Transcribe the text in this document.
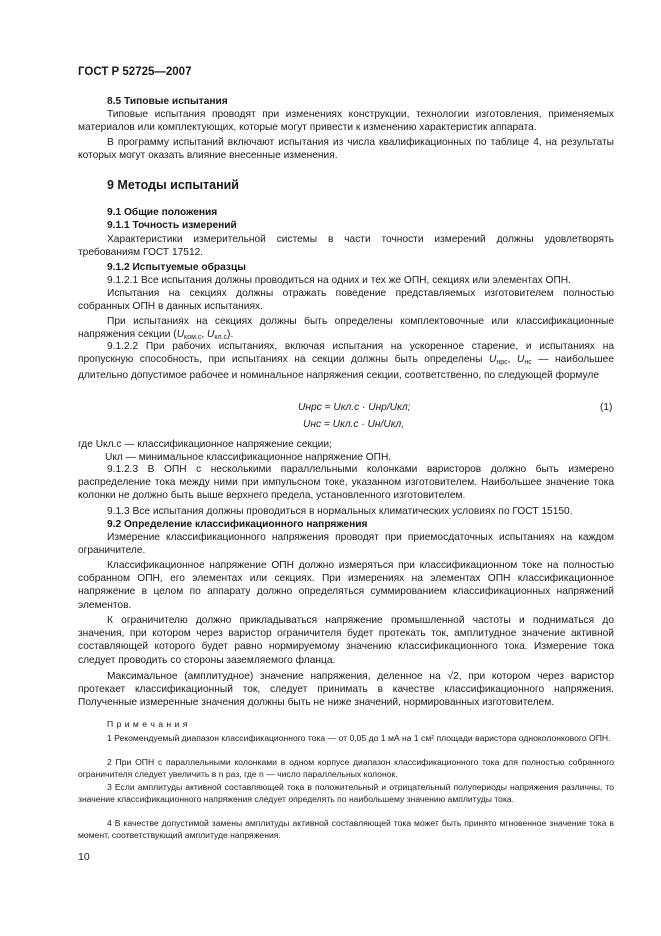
ГОСТ Р 52725—2007
8.5 Типовые испытания
Типовые испытания проводят при изменениях конструкции, технологии изготовления, применяемых материалов или комплектующих, которые могут привести к изменению характеристик аппарата.
В программу испытаний включают испытания из числа квалификационных по таблице 4, на результаты которых могут оказать влияние внесенные изменения.
9 Методы испытаний
9.1 Общие положения
9.1.1 Точность измерений
Характеристики измерительной системы в части точности измерений должны удовлетворять требованиям ГОСТ 17512.
9.1.2 Испытуемые образцы
9.1.2.1 Все испытания должны проводиться на одних и тех же ОПН, секциях или элементах ОПН.
Испытания на секциях должны отражать поведение представляемых изготовителем полностью собранных ОПН в данных испытаниях.
При испытаниях на секциях должны быть определены комплектовочные или классификационные напряжения секции ($U_{ком.с}$, $U_{кл.с}$).
9.1.2.2 При рабочих испытаниях, включая испытания на ускоренное старение, и испытаниях на пропускную способность, при испытаниях на секции должны быть определены $U_{нрс}$, $U_{нс}$ — наибольшее длительно допустимое рабочее и номинальное напряжения секции, соответственно, по следующей формуле
Uнрс = Uкл.с · Uнр/Uкл;	(1)
Uнс = Uкл.с · Uн/Uкл,
где Uкл.с — классификационное напряжение секции;
Uкл — минимальное классификационное напряжение ОПН.
9.1.2.3 В ОПН с несколькими параллельными колонками варисторов должно быть измерено распределение тока между ними при импульсном токе, указанном изготовителем. Наибольшее значение тока колонки не должно быть выше верхнего предела, установленного изготовителем.
9.1.3 Все испытания должны проводиться в нормальных климатических условиях по ГОСТ 15150.
9.2 Определение классификационного напряжения
Измерение классификационного напряжения проводят при приемосдаточных испытаниях на каждом ограничителе.
Классификационное напряжение ОПН должно измеряться при классификационном токе на полностью собранном ОПН, его элементах или секциях. При измерениях на элементах ОПН классификационное напряжение в целом по аппарату должно определяться суммированием классификационных напряжений элементов.
К ограничителю должно прикладываться напряжение промышленной частоты и подниматься до значения, при котором через варистор ограничителя будет протекать ток, амплитудное значение активной составляющей которого будет равно нормируемому значению классификационного тока. Измерение тока следует проводить со стороны заземляемого фланца.
Максимальное (амплитудное) значение напряжения, деленное на √2, при котором через варистор протекает классификационный ток, следует принимать в качестве классификационного напряжения. Полученные измеренные значения должны быть не ниже значений, нормированных изготовителем.
П р и м е ч а н и я
1 Рекомендуемый диапазон классификационного тока — от 0,05 до 1 мА на 1 см² площади варистора одноколонкового ОПН.
2 При ОПН с параллельными колонками в одном корпусе диапазон классификационного тока для полностью собранного ограничителя следует увеличить в n раз, где n — число параллельных колонок.
3 Если амплитуды активной составляющей тока в положительный и отрицательный полупериоды напряжения различны, то значение классификационного напряжения следует определять по наибольшему значению амплитуды тока.
4 В качестве допустимой замены амплитуды активной составляющей тока может быть принято мгновенное значение тока в момент, соответствующий амплитуде напряжения.
10
